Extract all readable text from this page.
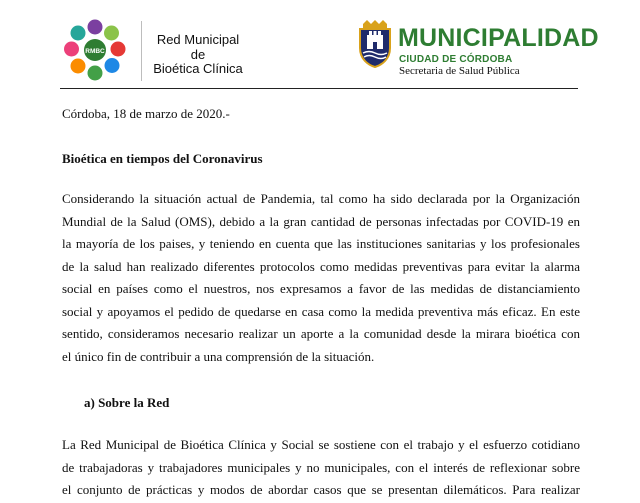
RMBC
Red Municipal
de
Bioética Clínica
MUNICIPALIDAD
CIUDAD DE CÓRDOBA
Secretaria de Salud Pública
Córdoba, 18 de marzo de 2020.-
Bioética en tiempos del Coronavirus
Considerando la situación actual de Pandemia, tal como ha sido declarada por la Organización
Mundial de la Salud (OMS), debido a la gran cantidad de personas infectadas por COVID-19 en
la mayoría de los paises, y teniendo en cuenta que las instituciones sanitarias y los profesionales
de la salud han realizado diferentes protocolos como medidas preventivas para evitar la alarma
social en países como el nuestros, nos expresamos a favor de las medidas de distanciamiento
social y apoyamos el pedido de quedarse en casa como la medida preventiva más eficaz. En este
sentido, consideramos necesario realizar un aporte a la comunidad desde la mirara bioética con
el único fin de contribuir a una comprensión de la situación.
a) Sobre la Red
La Red Municipal de Bioética Clínica y Social se sostiene con el trabajo y el esfuerzo cotidiano
de trabajadoras y trabajadores municipales y no municipales, con el interés de reflexionar sobre
el conjunto de prácticas y modos de abordar casos que se presentan dilemáticos. Para realizar
